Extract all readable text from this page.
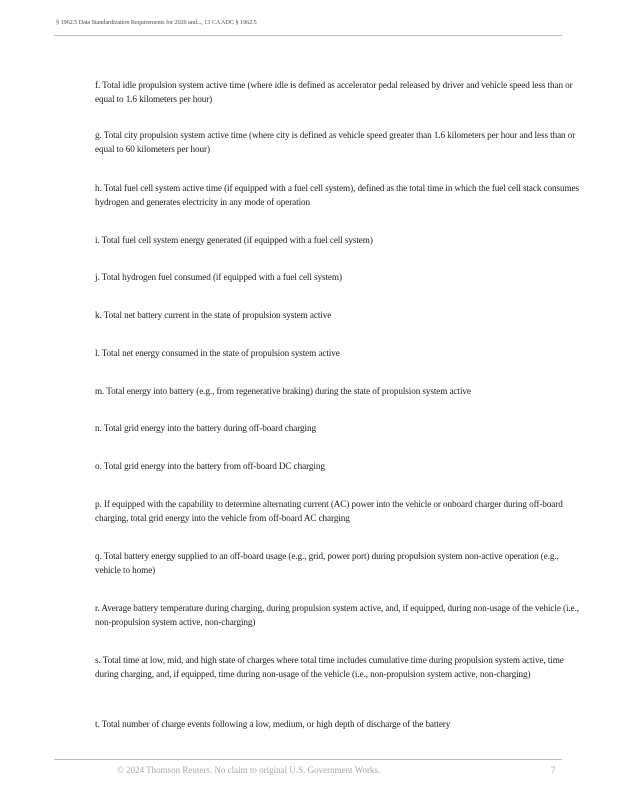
§ 1962.5 Data Standardization Requirements for 2026 and..., 13 CA ADC § 1962.5
f. Total idle propulsion system active time (where idle is defined as accelerator pedal released by driver and vehicle speed less than or equal to 1.6 kilometers per hour)
g. Total city propulsion system active time (where city is defined as vehicle speed greater than 1.6 kilometers per hour and less than or equal to 60 kilometers per hour)
h. Total fuel cell system active time (if equipped with a fuel cell system), defined as the total time in which the fuel cell stack consumes hydrogen and generates electricity in any mode of operation
i. Total fuel cell system energy generated (if equipped with a fuel cell system)
j. Total hydrogen fuel consumed (if equipped with a fuel cell system)
k. Total net battery current in the state of propulsion system active
l. Total net energy consumed in the state of propulsion system active
m. Total energy into battery (e.g., from regenerative braking) during the state of propulsion system active
n. Total grid energy into the battery during off-board charging
o. Total grid energy into the battery from off-board DC charging
p. If equipped with the capability to determine alternating current (AC) power into the vehicle or onboard charger during off-board charging, total grid energy into the vehicle from off-board AC charging
q. Total battery energy supplied to an off-board usage (e.g., grid, power port) during propulsion system non-active operation (e.g., vehicle to home)
r. Average battery temperature during charging, during propulsion system active, and, if equipped, during non-usage of the vehicle (i.e., non-propulsion system active, non-charging)
s. Total time at low, mid, and high state of charges where total time includes cumulative time during propulsion system active, time during charging, and, if equipped, time during non-usage of the vehicle (i.e., non-propulsion system active, non-charging)
t. Total number of charge events following a low, medium, or high depth of discharge of the battery
© 2024 Thomson Reuters. No claim to original U.S. Government Works.	7
